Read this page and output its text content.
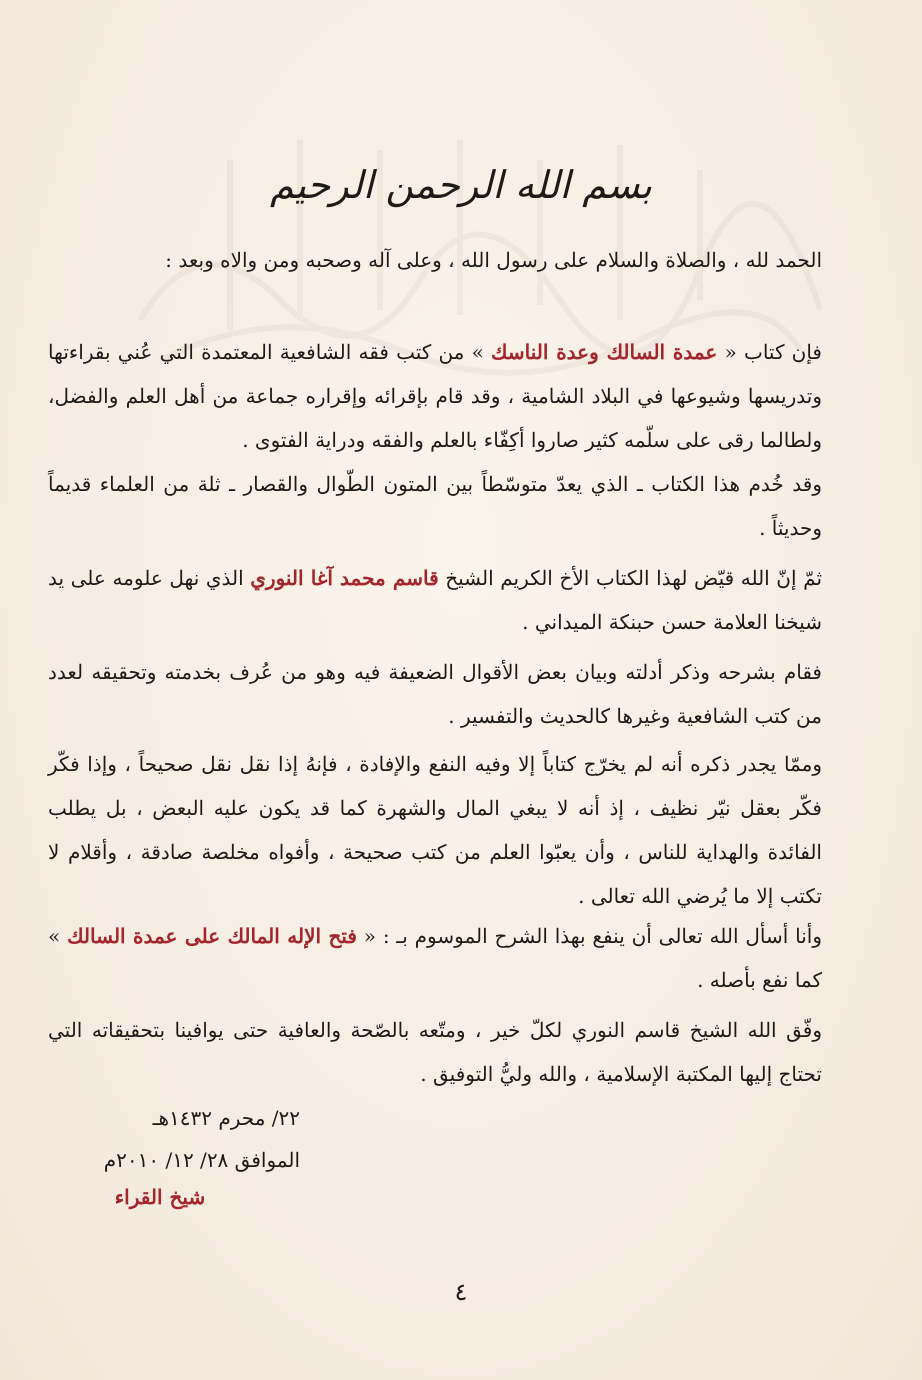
بسم الله الرحمن الرحيم

الحمد لله ، والصلاة والسلام على رسول الله ، وعلى آله وصحبه ومن والاه وبعد :

فإن كتاب « عمدة السالك وعدة الناسك » من كتب فقه الشافعية المعتمدة التي عُني بقراءتها وتدريسها وشيوعها في البلاد الشامية ، وقد قام بإقرائه وإقراره جماعة من أهل العلم والفضل، ولطالما رقى على سلّمه كثير صاروا أكِفّاء بالعلم والفقه ودراية الفتوى .

وقد خُدم هذا الكتاب ـ الذي يعدّ متوسّطاً بين المتون الطّوال والقصار ـ ثلة من العلماء قديماً وحديثاً .

ثمّ إنّ الله قيّض لهذا الكتاب الأخ الكريم الشيخ قاسم محمد آغا النوري الذي نهل علومه على يد شيخنا العلامة حسن حبنكة الميداني .

فقام بشرحه وذكر أدلته وبيان بعض الأقوال الضعيفة فيه وهو من عُرف بخدمته وتحقيقه لعدد من كتب الشافعية وغيرها كالحديث والتفسير .

وممّا يجدر ذكره أنه لم يخرّج كتاباً إلا وفيه النفع والإفادة ، فإنهُ إذا نقل نقل صحيحاً ، وإذا فكّر فكّر بعقل نيّر نظيف ، إذ أنه لا يبغي المال والشهرة كما قد يكون عليه البعض ، بل يطلب الفائدة والهداية للناس ، وأن يعبّوا العلم من كتب صحيحة ، وأفواه مخلصة صادقة ، وأقلام لا تكتب إلا ما يُرضي الله تعالى .

وأنا أسأل الله تعالى أن ينفع بهذا الشرح الموسوم بـ : « فتح الإله المالك على عمدة السالك » كما نفع بأصله .

وفّق الله الشيخ قاسم النوري لكلّ خير ، ومتّعه بالصّحة والعافية حتى يوافينا بتحقيقاته التي تحتاج إليها المكتبة الإسلامية ، والله وليُّ التوفيق .

٢٢/ محرم ١٤٣٢هـ
الموافق ٢٨/ ١٢/ ٢٠١٠م
شيخ القراء
٤
